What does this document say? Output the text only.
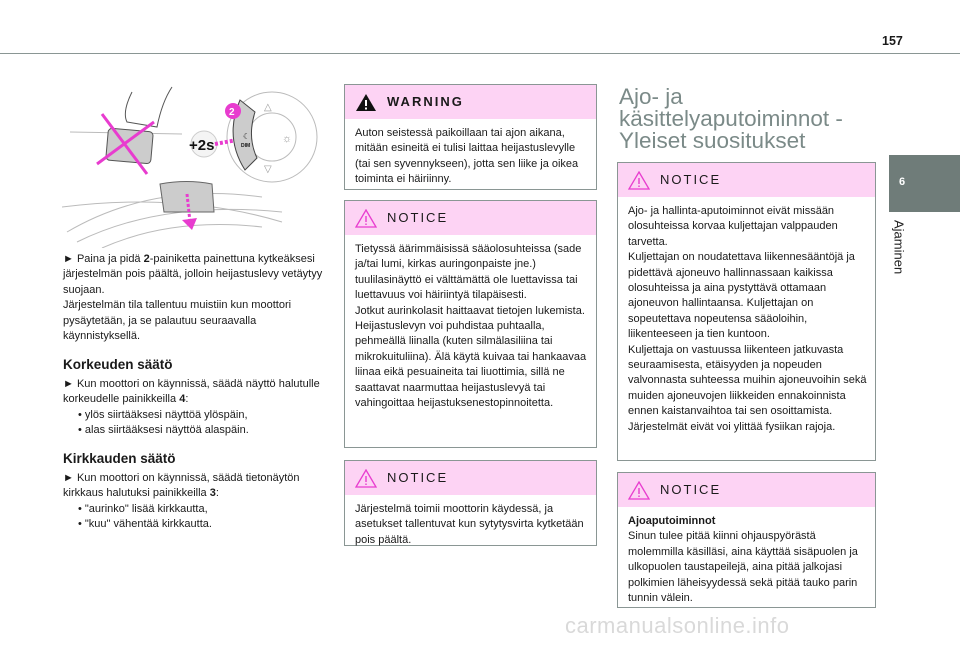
157
6
Ajaminen
+2s
☾
DIM
2
☼
△
▽

► Paina ja pidä 2-painiketta painettuna kytkeäksesi järjestelmän pois päältä, jolloin heijastuslevy vetäytyy suojaan.

Järjestelmän tila tallentuu muistiin kun moottori pysäytetään, ja se palautuu seuraavalla käynnistyksellä.

Korkeuden säätö

► Kun moottori on käynnissä, säädä näyttö halutulle korkeudelle painikkeilla 4:

• ylös siirtääksesi näyttöä ylöspäin,

• alas siirtääksesi näyttöä alaspäin.

Kirkkauden säätö

► Kun moottori on käynnissä, säädä tietonäytön kirkkaus halutuksi painikkeilla 3:

• "aurinko" lisää kirkkautta,

• "kuu" vähentää kirkkautta.

WARNING
Auton seistessä paikoillaan tai ajon aikana, mitään esineitä ei tulisi laittaa heijastuslevylle (tai sen syvennykseen), jotta sen liike ja oikea toiminta ei häiriinny.
NOTICE

Tietyssä äärimmäisissä sääolosuhteissa (sade ja/tai lumi, kirkas auringonpaiste jne.) tuulilasinäyttö ei välttämättä ole luettavissa tai luettavuus voi häiriintyä tilapäisesti.

Jotkut aurinkolasit haittaavat tietojen lukemista.

Heijastuslevyn voi puhdistaa puhtaalla, pehmeällä liinalla (kuten silmälasiliina tai mikrokuituliina). Älä käytä kuivaa tai hankaavaa liinaa eikä pesuaineita tai liuottimia, sillä ne saattavat naarmuttaa heijastuslevyä tai vahingoittaa heijastuksenestopinnoitetta.

NOTICE
Järjestelmä toimii moottorin käydessä, ja asetukset tallentuvat kun sytytysvirta kytketään pois päältä.
Ajo- ja käsittelyaputoiminnot - Yleiset suositukset
NOTICE

Ajo- ja hallinta-aputoiminnot eivät missään olosuhteissa korvaa kuljettajan valppauden tarvetta.

Kuljettajan on noudatettava liikennesääntöjä ja pidettävä ajoneuvo hallinnassaan kaikissa olosuhteissa ja aina pystyttävä ottamaan ajoneuvon hallintaansa. Kuljettajan on sopeutettava nopeutensa sääoloihin, liikenteeseen ja tien kuntoon.

Kuljettaja on vastuussa liikenteen jatkuvasta seuraamisesta, etäisyyden ja nopeuden valvonnasta suhteessa muihin ajoneuvoihin sekä muiden ajoneuvojen liikkeiden ennakoinnista ennen kaistanvaihtoa tai sen osoittamista.

Järjestelmät eivät voi ylittää fysiikan rajoja.

NOTICE

Ajoaputoiminnot

Sinun tulee pitää kiinni ohjauspyörästä molemmilla käsilläsi, aina käyttää sisäpuolen ja ulkopuolen taustapeilejä, aina pitää jalkojasi polkimien läheisyydessä sekä pitää tauko parin tunnin välein.

carmanualsonline.info
